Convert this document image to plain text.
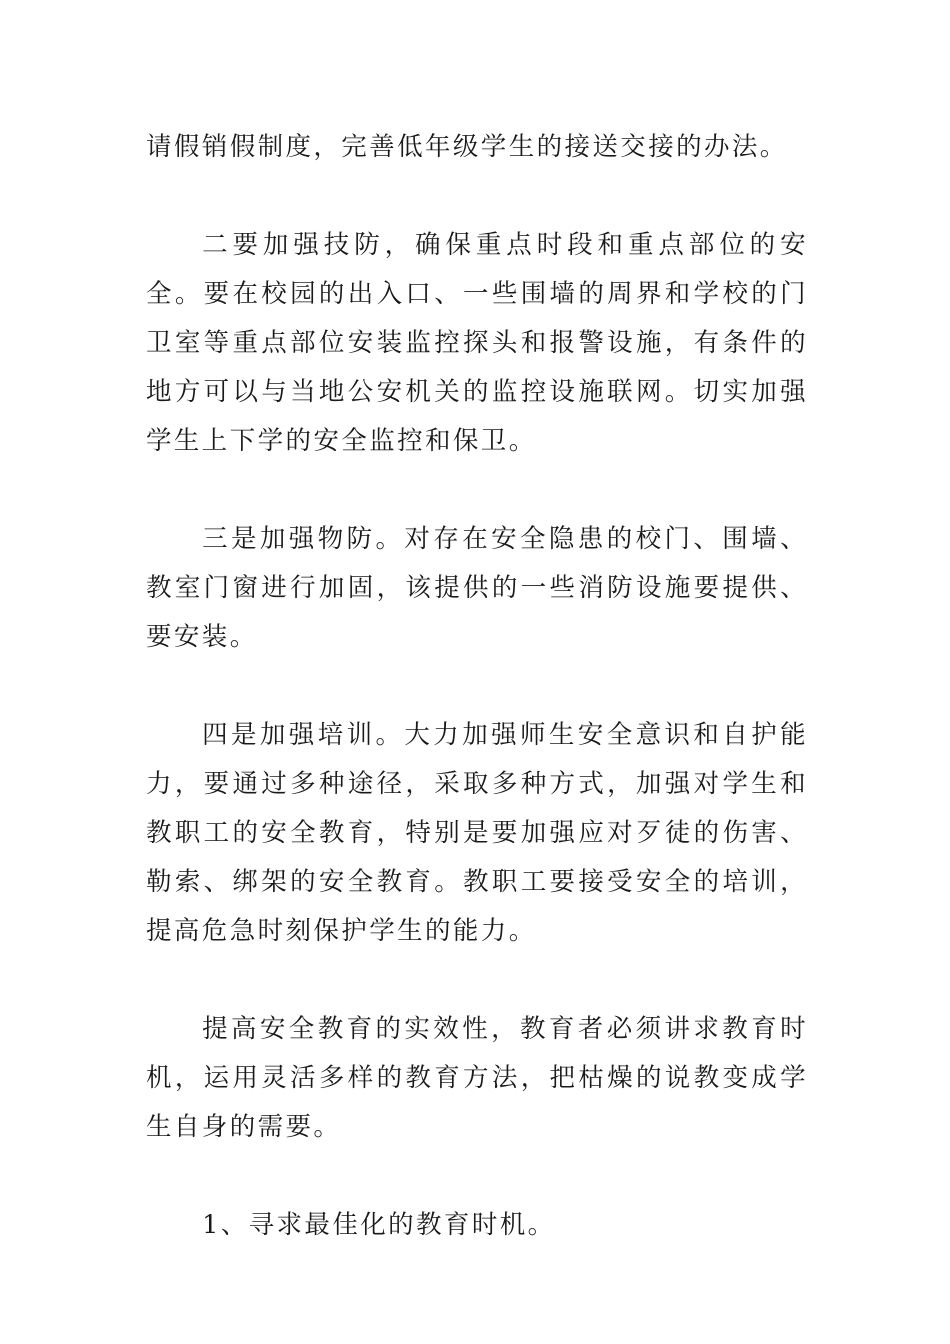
请假销假制度，完善低年级学生的接送交接的办法。

二要加强技防，确保重点时段和重点部位的安全。要在校园的出入口、一些围墙的周界和学校的门卫室等重点部位安装监控探头和报警设施，有条件的地方可以与当地公安机关的监控设施联网。切实加强学生上下学的安全监控和保卫。

三是加强物防。对存在安全隐患的校门、围墙、教室门窗进行加固，该提供的一些消防设施要提供、要安装。

四是加强培训。大力加强师生安全意识和自护能力，要通过多种途径，采取多种方式，加强对学生和教职工的安全教育，特别是要加强应对歹徒的伤害、勒索、绑架的安全教育。教职工要接受安全的培训，提高危急时刻保护学生的能力。

提高安全教育的实效性，教育者必须讲求教育时机，运用灵活多样的教育方法，把枯燥的说教变成学生自身的需要。

1、寻求最佳化的教育时机。
